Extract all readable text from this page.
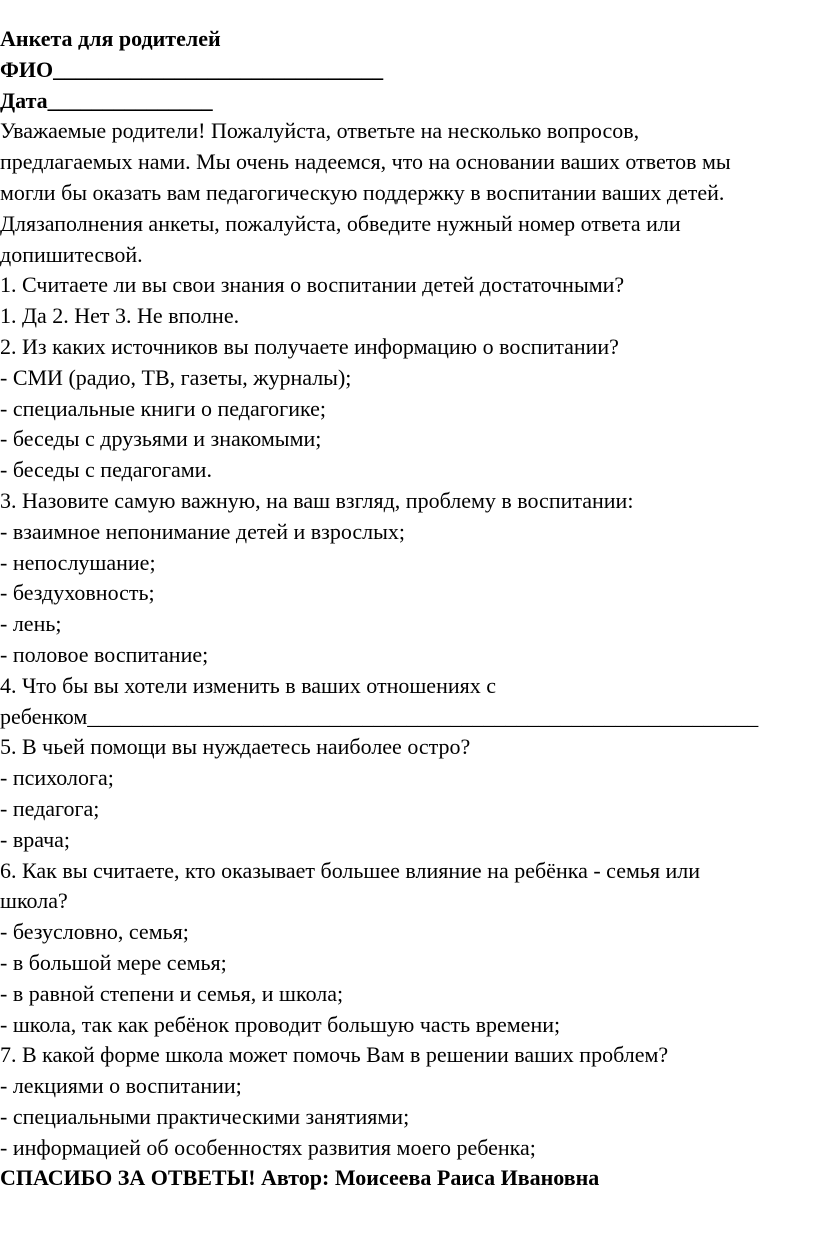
Анкета для родителей
ФИО______________________________
Дата_______________
Уважаемые родители! Пожалуйста, ответьте на несколько вопросов,
предлагаемых нами. Мы очень надеемся, что на основании ваших ответов мы
могли бы оказать вам педагогическую поддержку в воспитании ваших детей.
Длязаполнения анкеты, пожалуйста, обведите нужный номер ответа или
допишитесвой.
1. Считаете ли вы свои знания о воспитании детей достаточными?
1. Да 2. Нет 3. Не вполне.
2. Из каких источников вы получаете информацию о воспитании?
- СМИ (радио, ТВ, газеты, журналы);
- специальные книги о педагогике;
- беседы с друзьями и знакомыми;
- беседы с педагогами.
3. Назовите самую важную, на ваш взгляд, проблему в воспитании:
- взаимное непонимание детей и взрослых;
- непослушание;
- бездуховность;
- лень;
- половое воспитание;
4. Что бы вы хотели изменить в ваших отношениях с
ребенком_____________________________________________________________
5. В чьей помощи вы нуждаетесь наиболее остро?
- психолога;
- педагога;
- врача;
6. Как вы считаете, кто оказывает большее влияние на ребёнка - семья или
школа?
- безусловно, семья;
- в большой мере семья;
- в равной степени и семья, и школа;
- школа, так как ребёнок проводит большую часть времени;
7. В какой форме школа может помочь Вам в решении ваших проблем?
- лекциями о воспитании;
- специальными практическими занятиями;
- информацией об особенностях развития моего ребенка;
СПАСИБО ЗА ОТВЕТЫ! Автор: Моисеева Раиса Ивановна
